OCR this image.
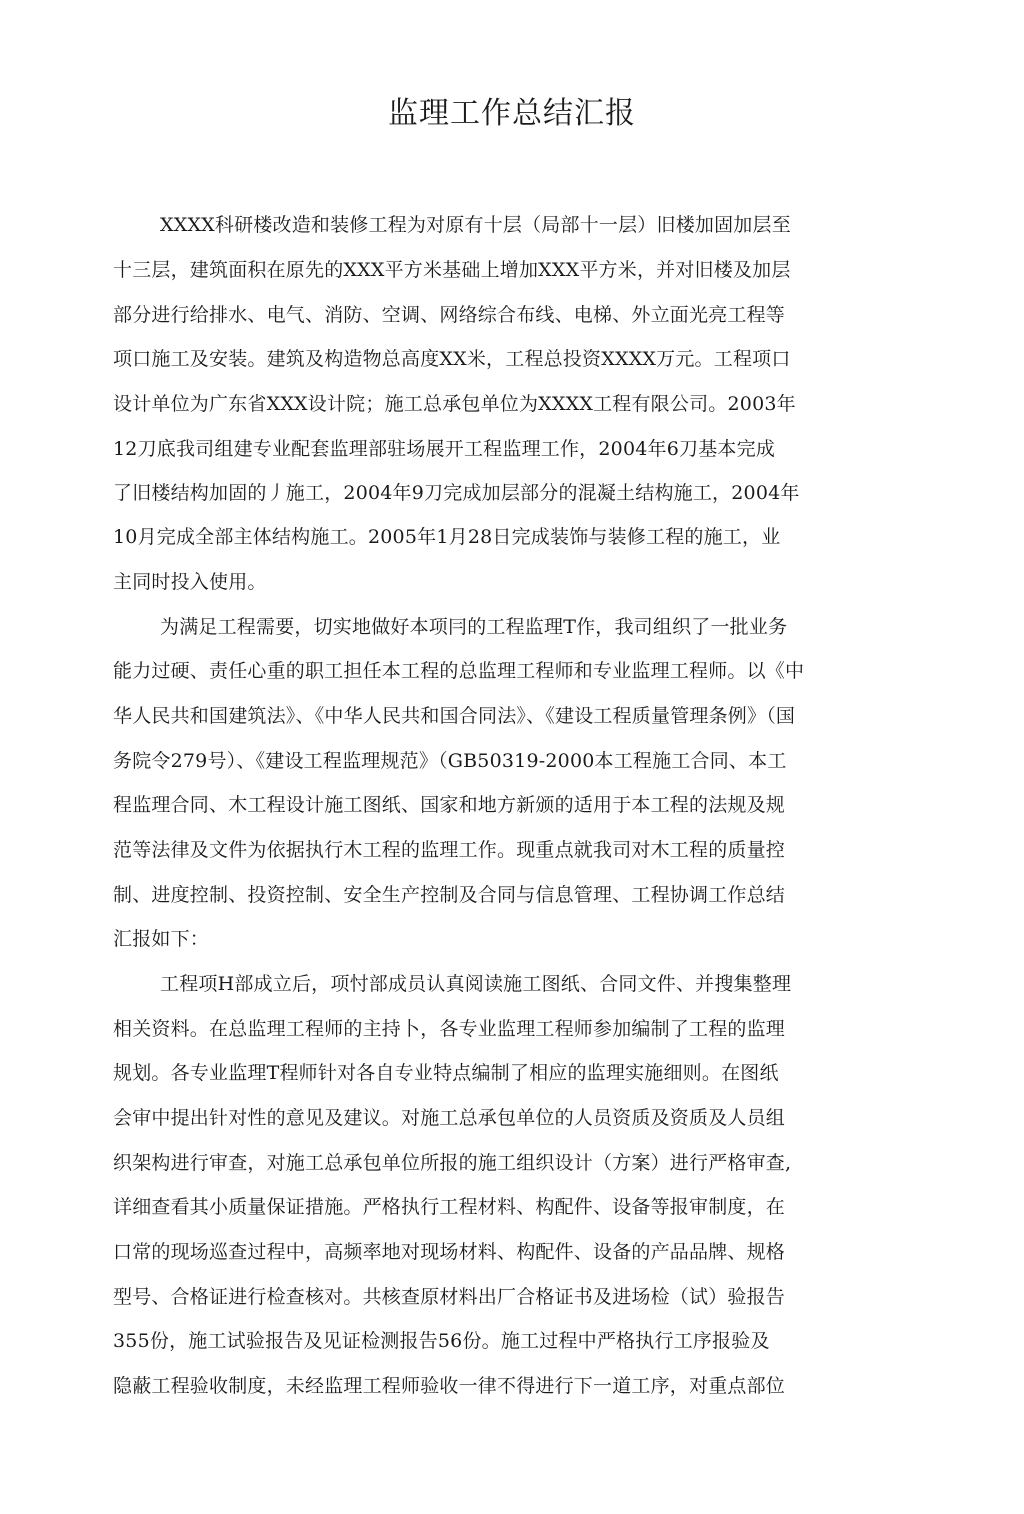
监理工作总结汇报
XXXX科研楼改造和装修工程为对原有十层（局部十一层）旧楼加固加层至
十三层，建筑面积在原先的XXX平方米基础上增加XXX平方米，并对旧楼及加层
部分进行给排水、电气、消防、空调、网络综合布线、电梯、外立面光亮工程等
项口施工及安装。建筑及构造物总高度XX米，工程总投资XXXX万元。工程项口
设计单位为广东省XXX设计院；施工总承包单位为XXXX工程有限公司。2003年
12刀底我司组建专业配套监理部驻场展开工程监理工作，2004年6刀基本完成
了旧楼结构加固的丿施工，2004年9刀完成加层部分的混凝土结构施工，2004年
10月完成全部主体结构施工。2005年1月28日完成装饰与装修工程的施工，业
主同时投入使用。
为满足工程需要，切实地做好本项冃的工程监理T作，我司组织了一批业务
能力过硬、责任心重的职工担任本工程的总监理工程师和专业监理工程师。以《中
华人民共和国建筑法》、《中华人民共和国合同法》、《建设工程质量管理条例》（国
务院令279号）、《建设工程监理规范》（GB50319-2000本工程施工合同、本工
程监理合同、木工程设计施工图纸、国家和地方新颁的适用于本工程的法规及规
范等法律及文件为依据执行木工程的监理工作。现重点就我司对木工程的质量控
制、进度控制、投资控制、安全生产控制及合同与信息管理、工程协调工作总结
汇报如下：
工程项H部成立后，项忖部成员认真阅读施工图纸、合同文件、并搜集整理
相关资料。在总监理工程师的主持卜，各专业监理工程师参加编制了工程的监理
规划。各专业监理T程师针对各自专业特点编制了相应的监理实施细则。在图纸
会审中提出针对性的意见及建议。对施工总承包单位的人员资质及资质及人员组
织架构进行审查，对施工总承包单位所报的施工组织设计（方案）进行严格审查,
详细查看其小质量保证措施。严格执行工程材料、构配件、设备等报审制度，在
口常的现场巡查过程中，高频率地对现场材料、构配件、设备的产品品牌、规格
型号、合格证进行检查核对。共核查原材料出厂合格证书及进场检（试）验报告
355份，施工试验报告及见证检测报告56份。施工过程中严格执行工序报验及
隐蔽工程验收制度，未经监理工程师验收一律不得进行下一道工序，对重点部位
